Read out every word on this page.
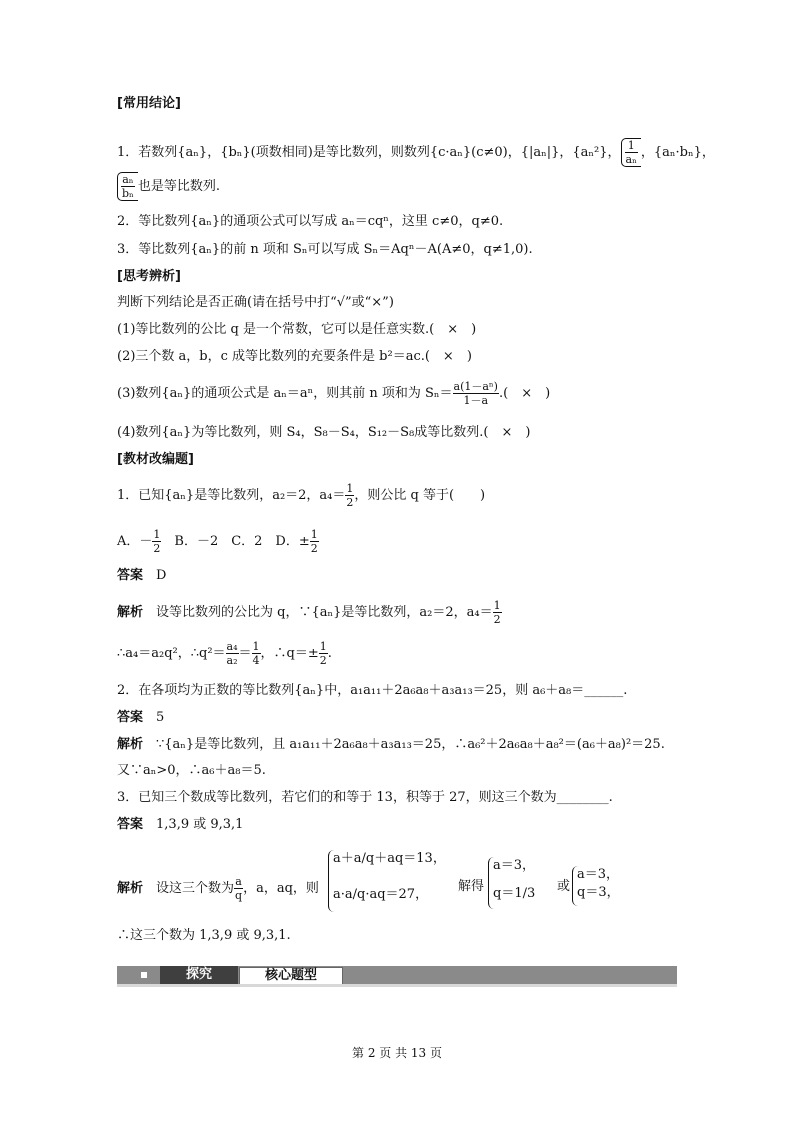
[常用结论]
1．若数列{aₙ}，{bₙ}(项数相同)是等比数列，则数列{c·aₙ}(c≠0)，{|aₙ|}，{aₙ²}， $\frac{1}{\text{aₙ}}$ ，{aₙ·bₙ}，
$\frac{\text{aₙ}}{\text{bₙ}}$ 也是等比数列.
2．等比数列{aₙ}的通项公式可以写成 aₙ＝cqⁿ，这里 c≠0，q≠0.
3．等比数列{aₙ}的前 n 项和 Sₙ可以写成 Sₙ＝Aqⁿ－A(A≠0，q≠1,0).
[思考辨析]
判断下列结论是否正确(请在括号中打“√”或“×”)
(1)等比数列的公比 q 是一个常数，它可以是任意实数.(　×　)
(2)三个数 a，b，c 成等比数列的充要条件是 b²＝ac.(　×　)
(3)数列{aₙ}的通项公式是 aₙ＝aⁿ，则其前 n 项和为 $S_n= \frac{\text{a(1－aⁿ)}}{1-a}$ .(　×　)
(4)数列{aₙ}为等比数列，则 S₄，S₈－S₄，S₁₂－S₈成等比数列.(　×　)
[教材改编题]
1．已知{aₙ}是等比数列，a₂＝2，$a_4= \frac{1}{2}$ ，则公比 q 等于(　　)
A．－ $\frac{1}{2}$ 　B．－2　C．2　D．± $\frac{1}{2}$
答案  D
解析  设等比数列的公比为 q，∵{aₙ}是等比数列，a₂＝2，$a_4= \frac{1}{2}$
∴a₄＝a₂q²，∴q²＝ $\frac{\text{a₄}}{\text{a₂}} = \frac{1}{4}$ ，∴q＝± $\frac{1}{2}$ .
2．在各项均为正数的等比数列{aₙ}中，a₁a₁₁＋2a₆a₈＋a₃a₁₃＝25，则 a₆＋a₈＝______.
答案  5
解析  ∵{aₙ}是等比数列，且 a₁a₁₁＋2a₆a₈＋a₃a₁₃＝25，∴a₆²＋2a₆a₈＋a₈²＝(a₆＋a₈)²＝25.
又∵aₙ>0，∴a₆＋a₈＝5.
3．已知三个数成等比数列，若它们的和等于 13，积等于 27，则这三个数为________.
答案  1,3,9 或 9,3,1
解析  设这三个数为 $\frac{a}{q}$ ，a，aq，则
a＋a/q＋aq＝13，
a·a/q·aq＝27，
解得
a＝3，
q＝1/3 或
a＝3，
q＝3，
∴这三个数为 1,3,9 或 9,3,1.
探究	核心题型
第 2 页 共 13 页
